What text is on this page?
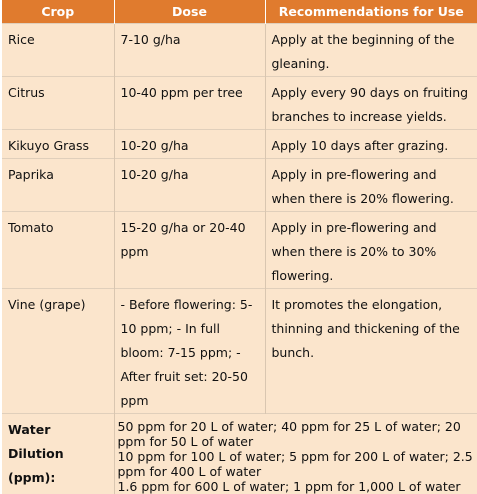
Crop	Dose	Recommendations for Use
Rice	7-10 g/ha	Apply at the beginning of the gleaning.
Citrus	10-40 ppm per tree	Apply every 90 days on fruiting branches to increase yields.
Kikuyo Grass	10-20 g/ha	Apply 10 days after grazing.
Paprika	10-20 g/ha	Apply in pre-flowering and when there is 20% flowering.
Tomato	15-20 g/ha or 20-40 ppm	Apply in pre-flowering and when there is 20% to 30% flowering.
Vine (grape)	- Before flowering: 5-10 ppm; - In full bloom: 7-15 ppm; - After fruit set: 20-50 ppm	It promotes the elongation, thinning and thickening of the bunch.
Water Dilution (ppm):	50 ppm for 20 L of water; 40 ppm for 25 L of water; 20 ppm for 50 L of water
10 ppm for 100 L of water; 5 ppm for 200 L of water; 2.5 ppm for 400 L of water
1.6 ppm for 600 L of water; 1 ppm for 1,000 L of water	
